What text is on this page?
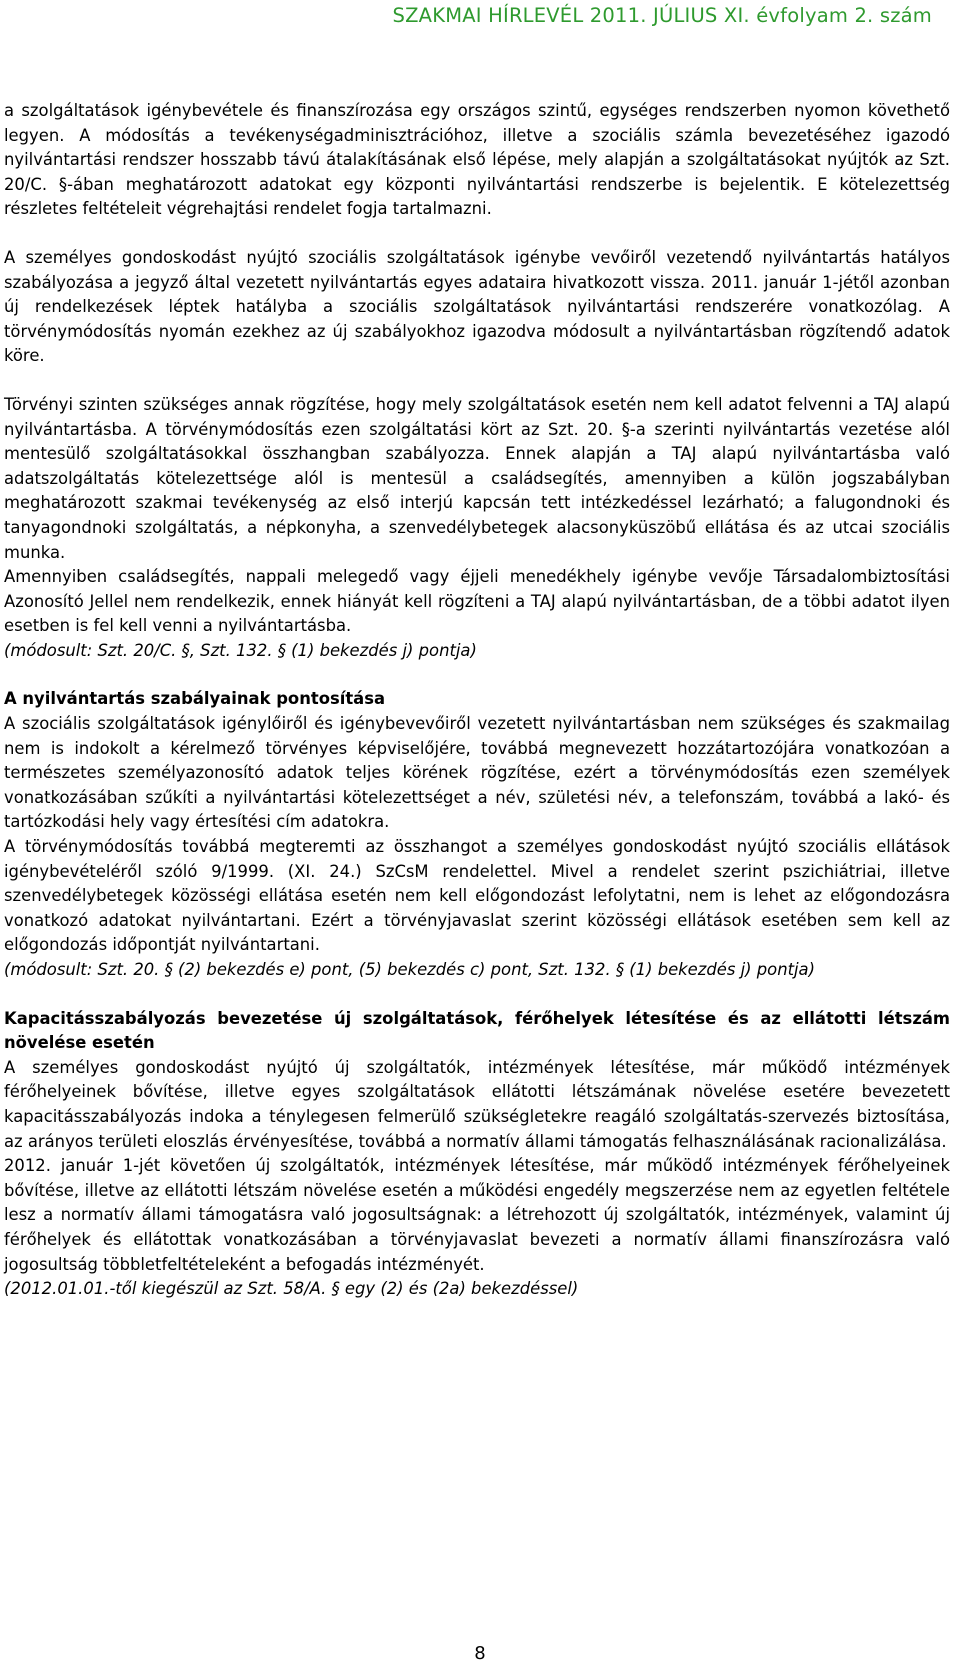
SZAKMAI HÍRLEVÉL 2011. JÚLIUS XI. évfolyam 2. szám

a szolgáltatások igénybevétele és finanszírozása egy országos szintű, egységes rendszerben nyomon követhető legyen. A módosítás a tevékenységadminisztrációhoz, illetve a szociális számla bevezetéséhez igazodó nyilvántartási rendszer hosszabb távú átalakításának első lépése, mely alapján a szolgáltatásokat nyújtók az Szt. 20/C. §-ában meghatározott adatokat egy központi nyilvántartási rendszerbe is bejelentik. E kötelezettség részletes feltételeit végrehajtási rendelet fogja tartalmazni.

A személyes gondoskodást nyújtó szociális szolgáltatások igénybe vevőiről vezetendő nyilvántartás hatályos szabályozása a jegyző által vezetett nyilvántartás egyes adataira hivatkozott vissza. 2011. január 1-jétől azonban új rendelkezések léptek hatályba a szociális szolgáltatások nyilvántartási rendszerére vonatkozólag. A törvénymódosítás nyomán ezekhez az új szabályokhoz igazodva módosult a nyilvántartásban rögzítendő adatok köre.

Törvényi szinten szükséges annak rögzítése, hogy mely szolgáltatások esetén nem kell adatot felvenni a TAJ alapú nyilvántartásba. A törvénymódosítás ezen szolgáltatási kört az Szt. 20. §-a szerinti nyilvántartás vezetése alól mentesülő szolgáltatásokkal összhangban szabályozza. Ennek alapján a TAJ alapú nyilvántartásba való adatszolgáltatás kötelezettsége alól is mentesül a családsegítés, amennyiben a külön jogszabályban meghatározott szakmai tevékenység az első interjú kapcsán tett intézkedéssel lezárható; a falugondnoki és tanyagondnoki szolgáltatás, a népkonyha, a szenvedélybetegek alacsonyküszöbű ellátása és az utcai szociális munka.

Amennyiben családsegítés, nappali melegedő vagy éjjeli menedékhely igénybe vevője Társadalombiztosítási Azonosító Jellel nem rendelkezik, ennek hiányát kell rögzíteni a TAJ alapú nyilvántartásban, de a többi adatot ilyen esetben is fel kell venni a nyilvántartásba.

(módosult: Szt. 20/C. §, Szt. 132. § (1) bekezdés j) pontja)

A nyilvántartás szabályainak pontosítása

A szociális szolgáltatások igénylőiről és igénybevevőiről vezetett nyilvántartásban nem szükséges és szakmailag nem is indokolt a kérelmező törvényes képviselőjére, továbbá megnevezett hozzátartozójára vonatkozóan a természetes személyazonosító adatok teljes körének rögzítése, ezért a törvénymódosítás ezen személyek vonatkozásában szűkíti a nyilvántartási kötelezettséget a név, születési név, a telefonszám, továbbá a lakó- és tartózkodási hely vagy értesítési cím adatokra.

A törvénymódosítás továbbá megteremti az összhangot a személyes gondoskodást nyújtó szociális ellátások igénybevételéről szóló 9/1999. (XI. 24.) SzCsM rendelettel. Mivel a rendelet szerint pszichiátriai, illetve szenvedélybetegek közösségi ellátása esetén nem kell előgondozást lefolytatni, nem is lehet az előgondozásra vonatkozó adatokat nyilvántartani. Ezért a törvényjavaslat szerint közösségi ellátások esetében sem kell az előgondozás időpontját nyilvántartani.

(módosult: Szt. 20. § (2) bekezdés e) pont, (5) bekezdés c) pont, Szt. 132. § (1) bekezdés j) pontja)

Kapacitásszabályozás bevezetése új szolgáltatások, férőhelyek létesítése és az ellátotti létszám növelése esetén

A személyes gondoskodást nyújtó új szolgáltatók, intézmények létesítése, már működő intézmények férőhelyeinek bővítése, illetve egyes szolgáltatások ellátotti létszámának növelése esetére bevezetett kapacitásszabályozás indoka a ténylegesen felmerülő szükségletekre reagáló szolgáltatás-szervezés biztosítása, az arányos területi eloszlás érvényesítése, továbbá a normatív állami támogatás felhasználásának racionalizálása.

2012. január 1-jét követően új szolgáltatók, intézmények létesítése, már működő intézmények férőhelyeinek bővítése, illetve az ellátotti létszám növelése esetén a működési engedély megszerzése nem az egyetlen feltétele lesz a normatív állami támogatásra való jogosultságnak: a létrehozott új szolgáltatók, intézmények, valamint új férőhelyek és ellátottak vonatkozásában a törvényjavaslat bevezeti a normatív állami finanszírozásra való jogosultság többletfeltételeként a befogadás intézményét.

(2012.01.01.-től kiegészül az Szt. 58/A. § egy (2) és (2a) bekezdéssel)

8
